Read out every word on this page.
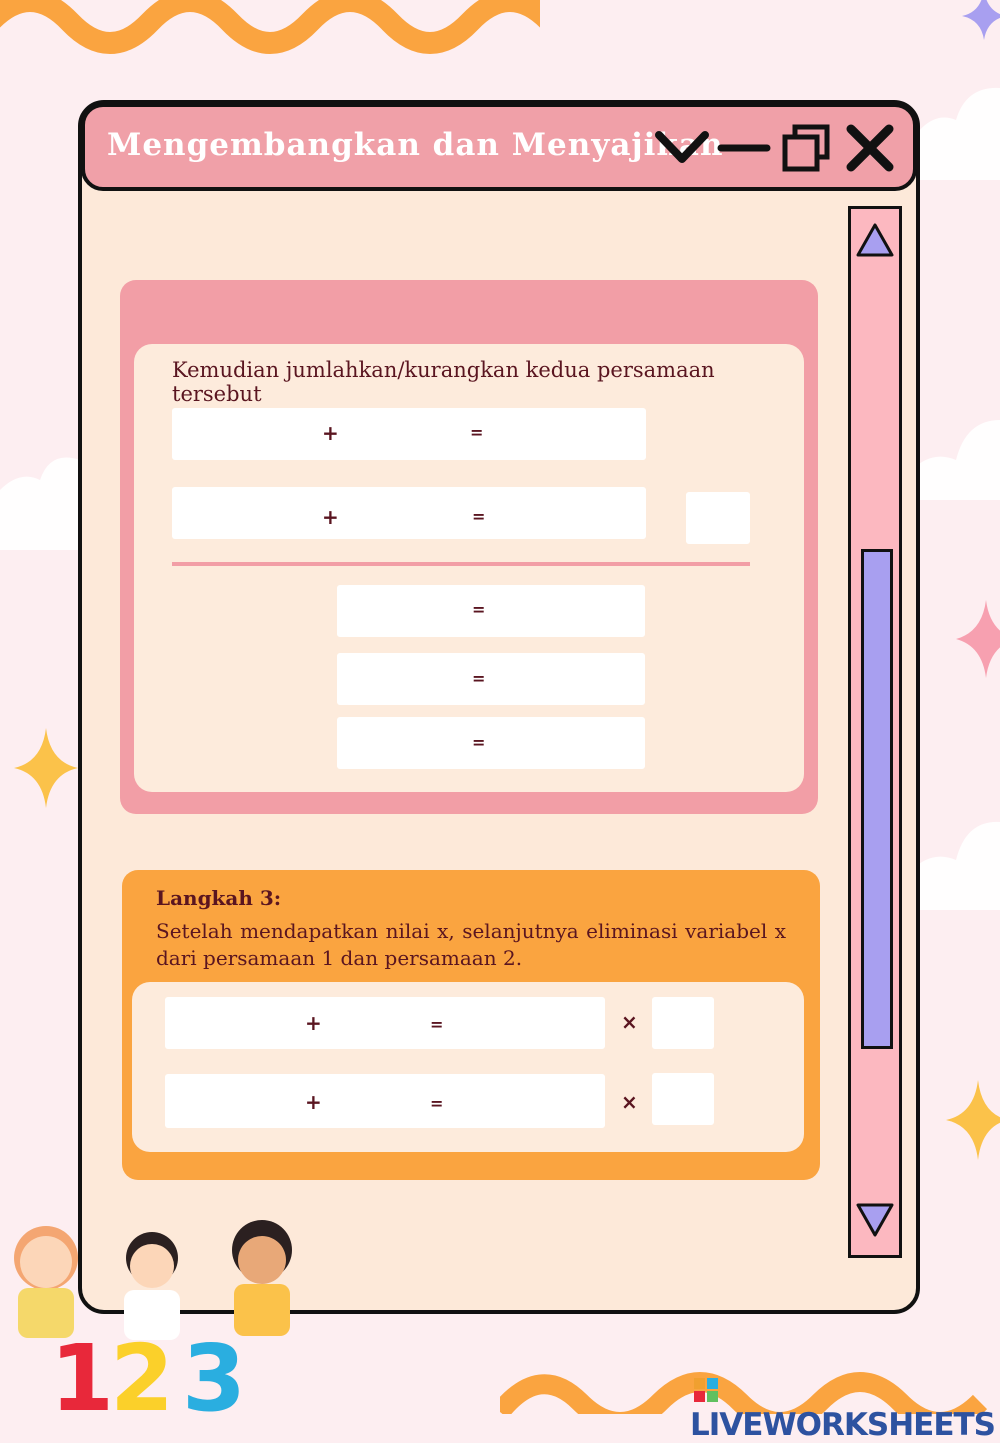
Mengembangkan dan Menyajikan
Kemudian jumlahkan/kurangkan kedua persamaan tersebut
+	=
+	=
=
=
=
Langkah 3:
Setelah mendapatkan nilai x, selanjutnya eliminasi variabel x dari persamaan 1 dan persamaan 2.
+	=	×
+	=	×
1
2 3	LIVEWORKSHEETS
